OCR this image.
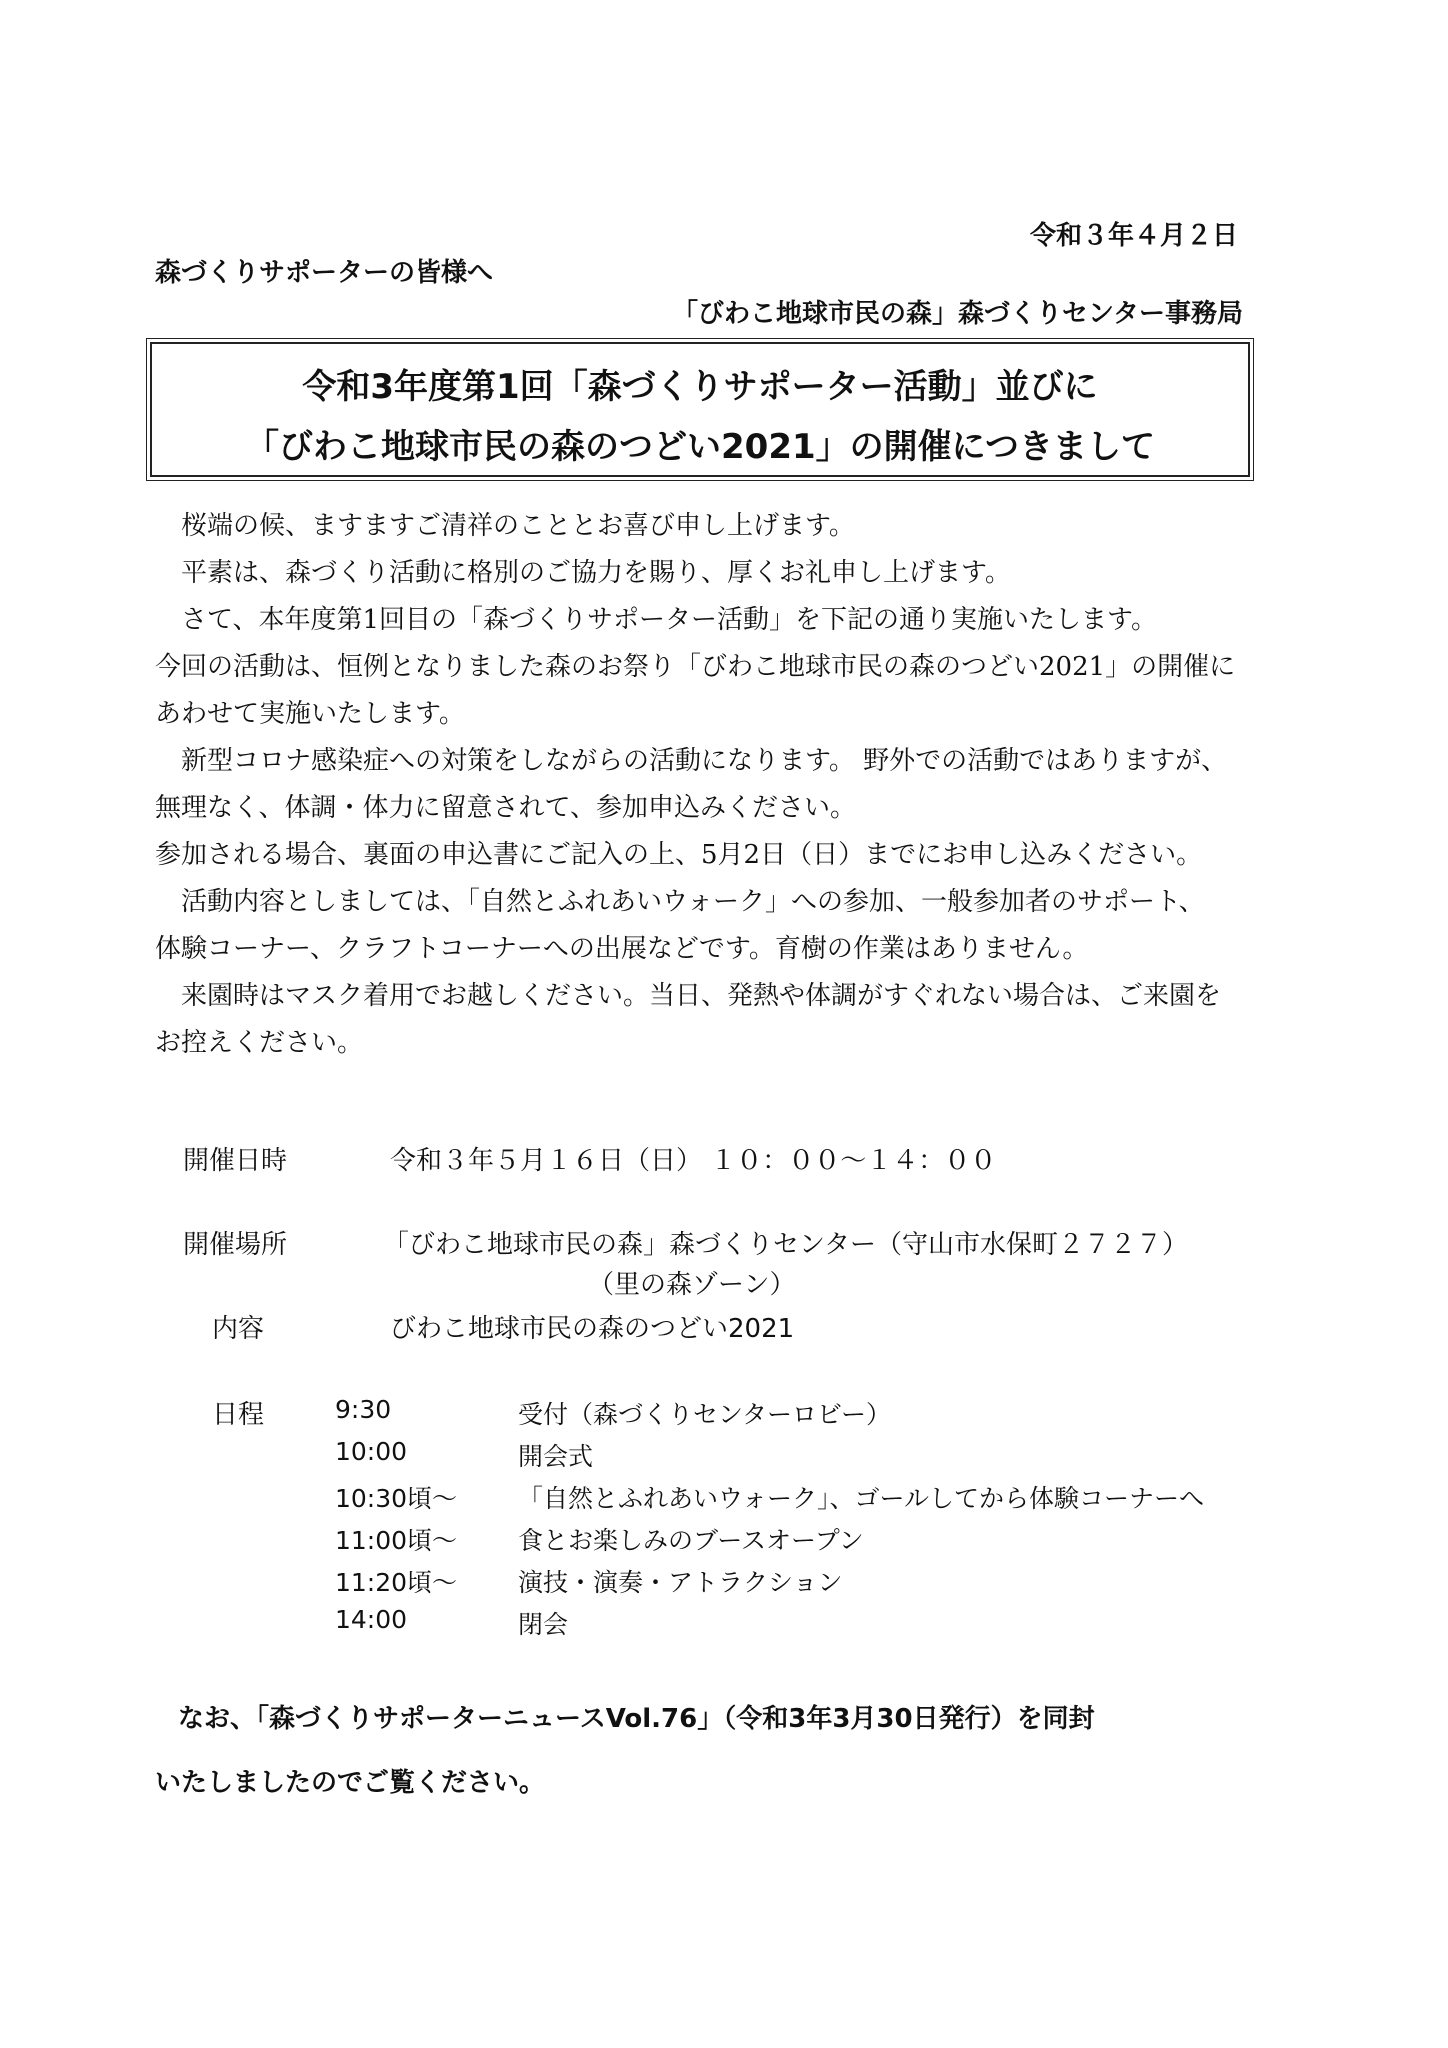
令和３年４月２日
森づくりサポーターの皆様へ
「びわこ地球市民の森」森づくりセンター事務局
令和3年度第1回「森づくりサポーター活動」並びに
「びわこ地球市民の森のつどい2021」の開催につきまして
　桜端の候、ますますご清祥のこととお喜び申し上げます。
　平素は、森づくり活動に格別のご協力を賜り、厚くお礼申し上げます。
　さて、本年度第1回目の「森づくりサポーター活動」を下記の通り実施いたします。
今回の活動は、恒例となりました森のお祭り「びわこ地球市民の森のつどい2021」の開催に
あわせて実施いたします。
　新型コロナ感染症への対策をしながらの活動になります。 野外での活動ではありますが、
無理なく、体調・体力に留意されて、参加申込みください。
参加される場合、裏面の申込書にご記入の上、5月2日（日）までにお申し込みください。
　活動内容としましては、「自然とふれあいウォーク」への参加、一般参加者のサポート、
体験コーナー、クラフトコーナーへの出展などです。育樹の作業はありません。
　来園時はマスク着用でお越しください。当日、発熱や体調がすぐれない場合は、ご来園を
お控えください。
開催日時	令和３年５月１６日（日） １０：００～１４：００
開催場所	「びわこ地球市民の森」森づくりセンター（守山市水保町２７２７）
（里の森ゾーン）
内容	びわこ地球市民の森のつどい2021
日程	9:30	受付（森づくりセンターロビー）
10:00	開会式
10:30頃～ 「自然とふれあいウォーク」、ゴールしてから体験コーナーへ
11:00頃～ 食とお楽しみのブースオープン
11:20頃～ 演技・演奏・アトラクション
14:00	閉会
なお、「森づくりサポーターニュースVol.76」（令和3年3月30日発行）を同封
いたしましたのでご覧ください。
